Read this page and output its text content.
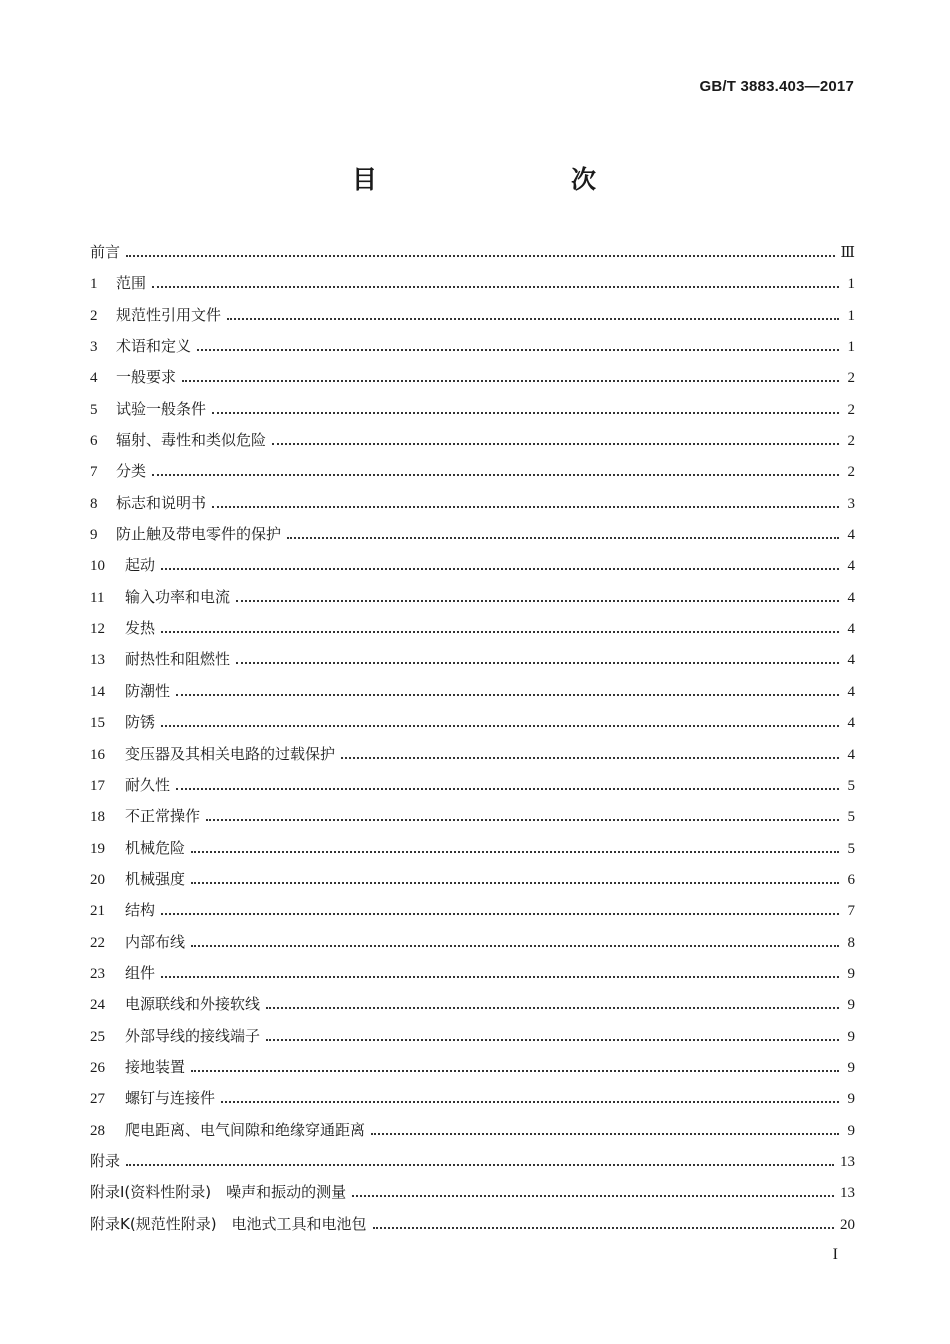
GB/T 3883.403—2017
目　　次
前言	Ⅲ
1	范围	1
2	规范性引用文件	1
3	术语和定义	1
4	一般要求	2
5	试验一般条件	2
6	辐射、毒性和类似危险	2
7	分类	2
8	标志和说明书	3
9	防止触及带电零件的保护	4
10	起动	4
11	输入功率和电流	4
12	发热	4
13	耐热性和阻燃性	4
14	防潮性	4
15	防锈	4
16	变压器及其相关电路的过载保护	4
17	耐久性	5
18	不正常操作	5
19	机械危险	5
20	机械强度	6
21	结构	7
22	内部布线	8
23	组件	9
24	电源联线和外接软线	9
25	外部导线的接线端子	9
26	接地装置	9
27	螺钉与连接件	9
28	爬电距离、电气间隙和绝缘穿通距离	9
附录	13
附录Ⅰ(资料性附录)　噪声和振动的测量	13
附录K(规范性附录)　电池式工具和电池包	20
I
